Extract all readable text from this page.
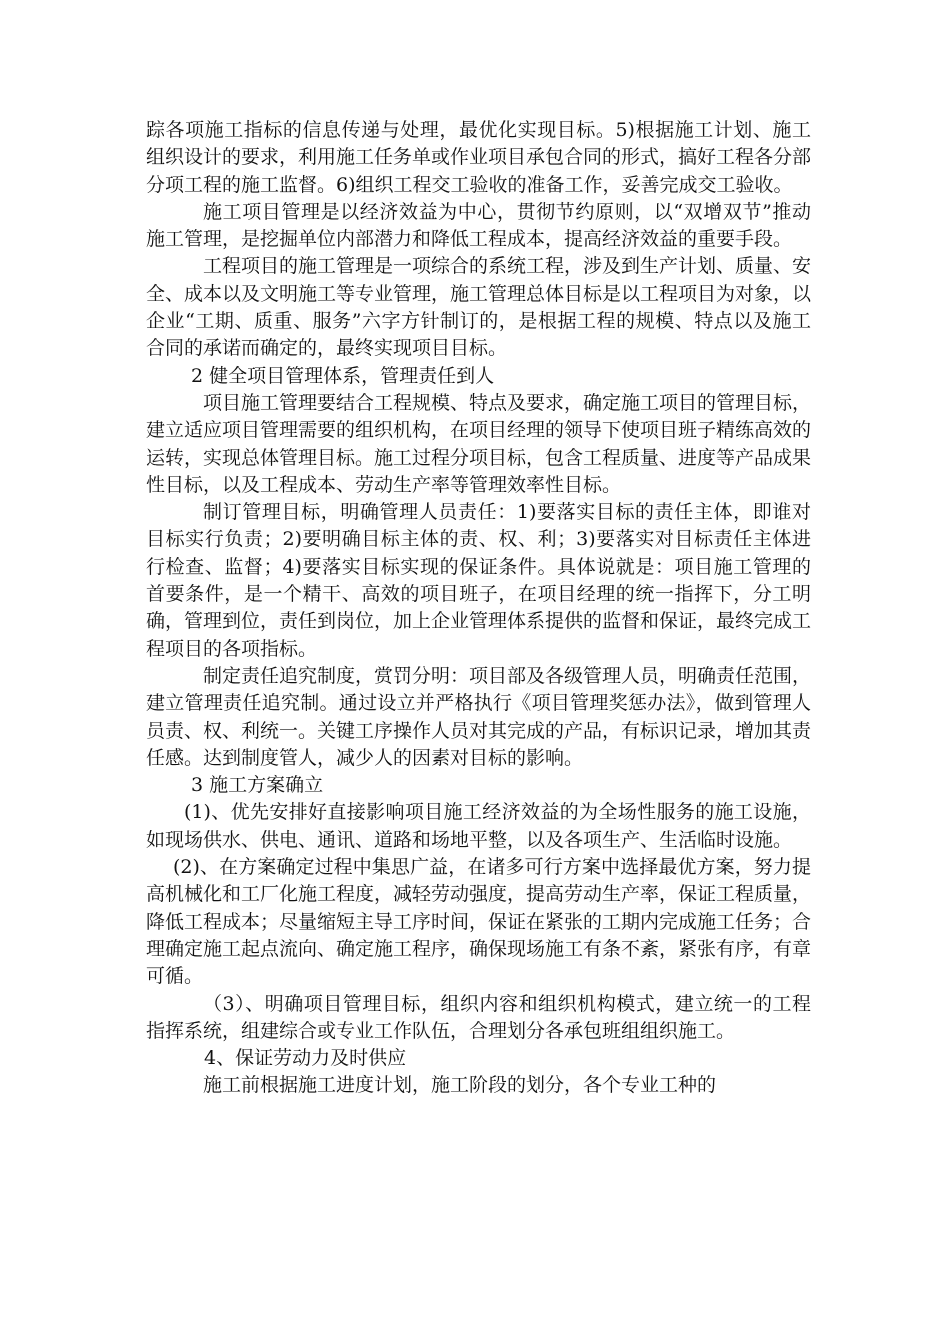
踪各项施工指标的信息传递与处理，最优化实现目标。5)根据施工计划、施工组织设计的要求，利用施工任务单或作业项目承包合同的形式，搞好工程各分部分项工程的施工监督。6)组织工程交工验收的准备工作，妥善完成交工验收。

施工项目管理是以经济效益为中心，贯彻节约原则，以“双增双节”推动施工管理，是挖掘单位内部潜力和降低工程成本，提高经济效益的重要手段。

工程项目的施工管理是一项综合的系统工程，涉及到生产计划、质量、安全、成本以及文明施工等专业管理，施工管理总体目标是以工程项目为对象，以企业“工期、质重、服务”六字方针制订的，是根据工程的规模、特点以及施工合同的承诺而确定的，最终实现项目目标。

2 健全项目管理体系，管理责任到人

项目施工管理要结合工程规模、特点及要求，确定施工项目的管理目标，建立适应项目管理需要的组织机构，在项目经理的领导下使项目班子精练高效的运转，实现总体管理目标。施工过程分项目标，包含工程质量、进度等产品成果性目标，以及工程成本、劳动生产率等管理效率性目标。

制订管理目标，明确管理人员责任：1)要落实目标的责任主体，即谁对目标实行负责；2)要明确目标主体的责、权、利；3)要落实对目标责任主体进行检查、监督；4)要落实目标实现的保证条件。具体说就是：项目施工管理的首要条件，是一个精干、高效的项目班子，在项目经理的统一指挥下，分工明确，管理到位，责任到岗位，加上企业管理体系提供的监督和保证，最终完成工程项目的各项指标。

制定责任追究制度，赏罚分明：项目部及各级管理人员，明确责任范围，建立管理责任追究制。通过设立并严格执行《项目管理奖惩办法》，做到管理人员责、权、利统一。关键工序操作人员对其完成的产品，有标识记录，增加其责任感。达到制度管人，减少人的因素对目标的影响。

3 施工方案确立

(1)、优先安排好直接影响项目施工经济效益的为全场性服务的施工设施，如现场供水、供电、通讯、道路和场地平整，以及各项生产、生活临时设施。

(2)、在方案确定过程中集思广益，在诸多可行方案中选择最优方案，努力提高机械化和工厂化施工程度，减轻劳动强度，提高劳动生产率，保证工程质量，降低工程成本；尽量缩短主导工序时间，保证在紧张的工期内完成施工任务；合理确定施工起点流向、确定施工程序，确保现场施工有条不紊，紧张有序，有章可循。

（3）、明确项目管理目标，组织内容和组织机构模式，建立统一的工程指挥系统，组建综合或专业工作队伍，合理划分各承包班组组织施工。

4、保证劳动力及时供应

施工前根据施工进度计划，施工阶段的划分，各个专业工种的
